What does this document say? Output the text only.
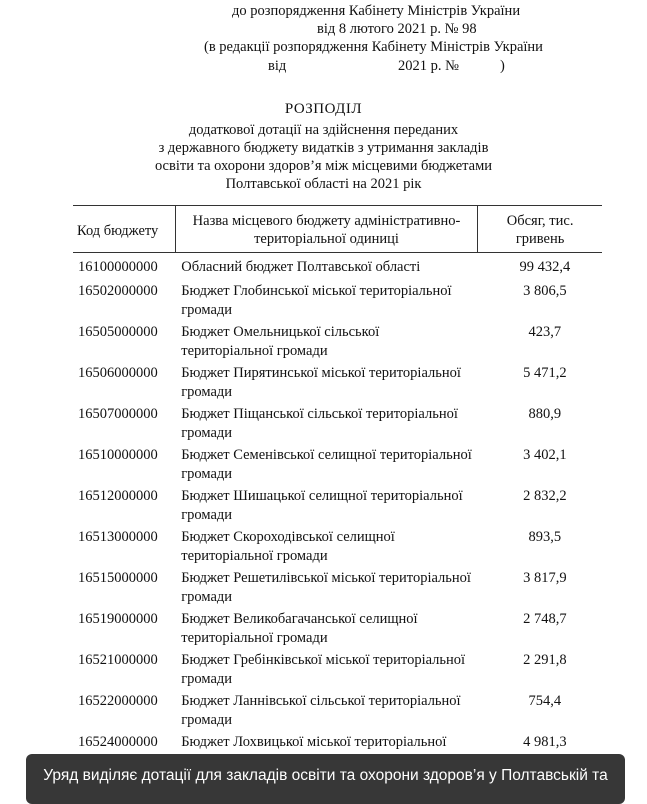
до розпорядження Кабінету Міністрів України
від 8 лютого 2021 р. № 98
(в редакції розпорядження Кабінету Міністрів України
від	2021 р. №	)
РОЗПОДІЛ
додаткової дотації на здійснення переданих
з державного бюджету видатків з утримання закладів
освіти та охорони здоров’я між місцевими бюджетами
Полтавської області на 2021 рік
Код бюджету	Назва місцевого бюджету адміністративно-територіальної одиниці	Обсяг, тис. гривень
16100000000	Обласний бюджет Полтавської області	99 432,4
16502000000	Бюджет Глобинської міської територіальної громади	3 806,5
16505000000	Бюджет Омельницької сільської територіальної громади	423,7
16506000000	Бюджет Пирятинської міської територіальної громади	5 471,2
16507000000	Бюджет Піщанської сільської територіальної громади	880,9
16510000000	Бюджет Семенівської селищної територіальної громади	3 402,1
16512000000	Бюджет Шишацької селищної територіальної громади	2 832,2
16513000000	Бюджет Скороходівської селищної територіальної громади	893,5
16515000000	Бюджет Решетилівської міської територіальної громади	3 817,9
16519000000	Бюджет Великобагачанської селищної територіальної громади	2 748,7
16521000000	Бюджет Гребінківської міської територіальної громади	2 291,8
16522000000	Бюджет Ланнівської сільської територіальної громади	754,4
16524000000	Бюджет Лохвицької міської територіальної	4 981,3
Уряд виділяє дотації для закладів освіти та охорони здоров’я у Полтавській та
